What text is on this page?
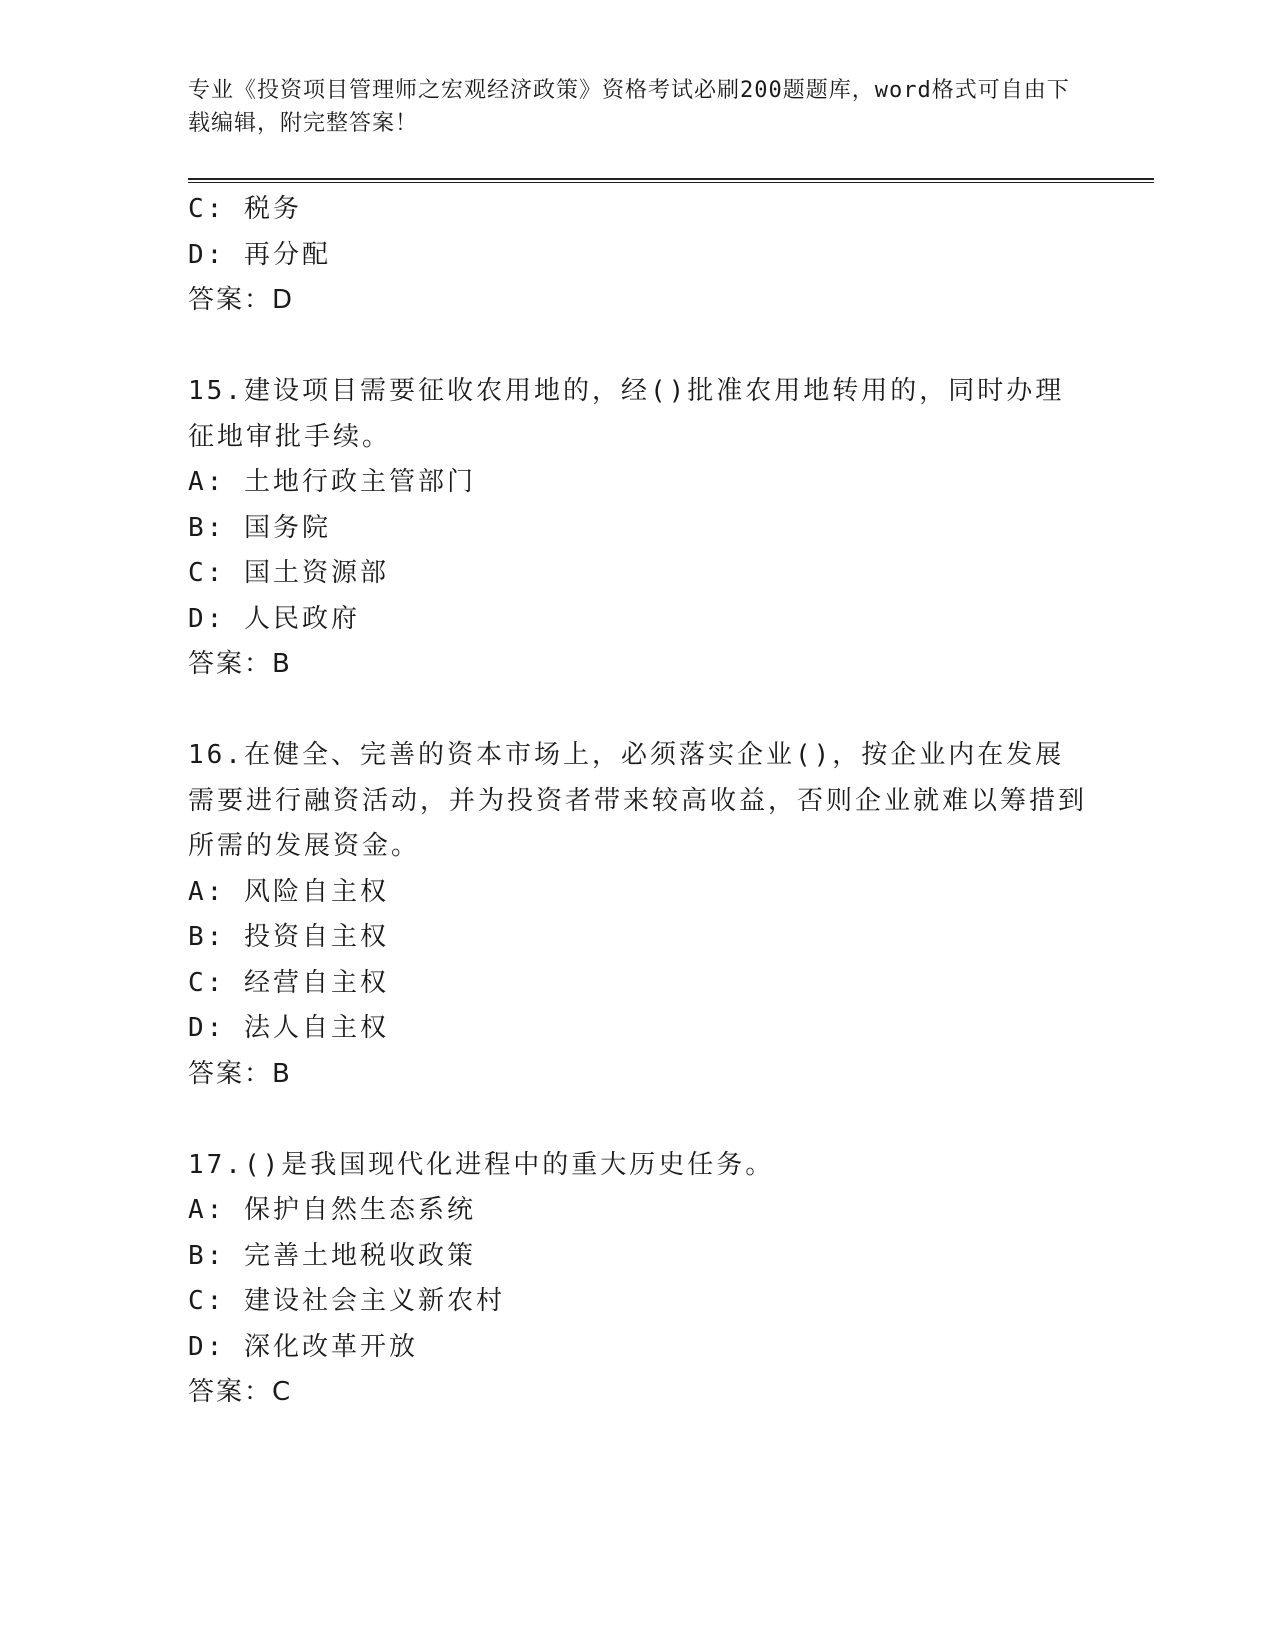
专业《投资项目管理师之宏观经济政策》资格考试必刷200题题库，word格式可自由下载编辑，附完整答案！
C: 税务
D: 再分配
答案：D
15.建设项目需要征收农用地的，经()批准农用地转用的，同时办理征地审批手续。
A: 土地行政主管部门
B: 国务院
C: 国土资源部
D: 人民政府
答案：B
16.在健全、完善的资本市场上，必须落实企业()，按企业内在发展需要进行融资活动，并为投资者带来较高收益，否则企业就难以筹措到所需的发展资金。
A: 风险自主权
B: 投资自主权
C: 经营自主权
D: 法人自主权
答案：B
17.()是我国现代化进程中的重大历史任务。
A: 保护自然生态系统
B: 完善土地税收政策
C: 建设社会主义新农村
D: 深化改革开放
答案：C
